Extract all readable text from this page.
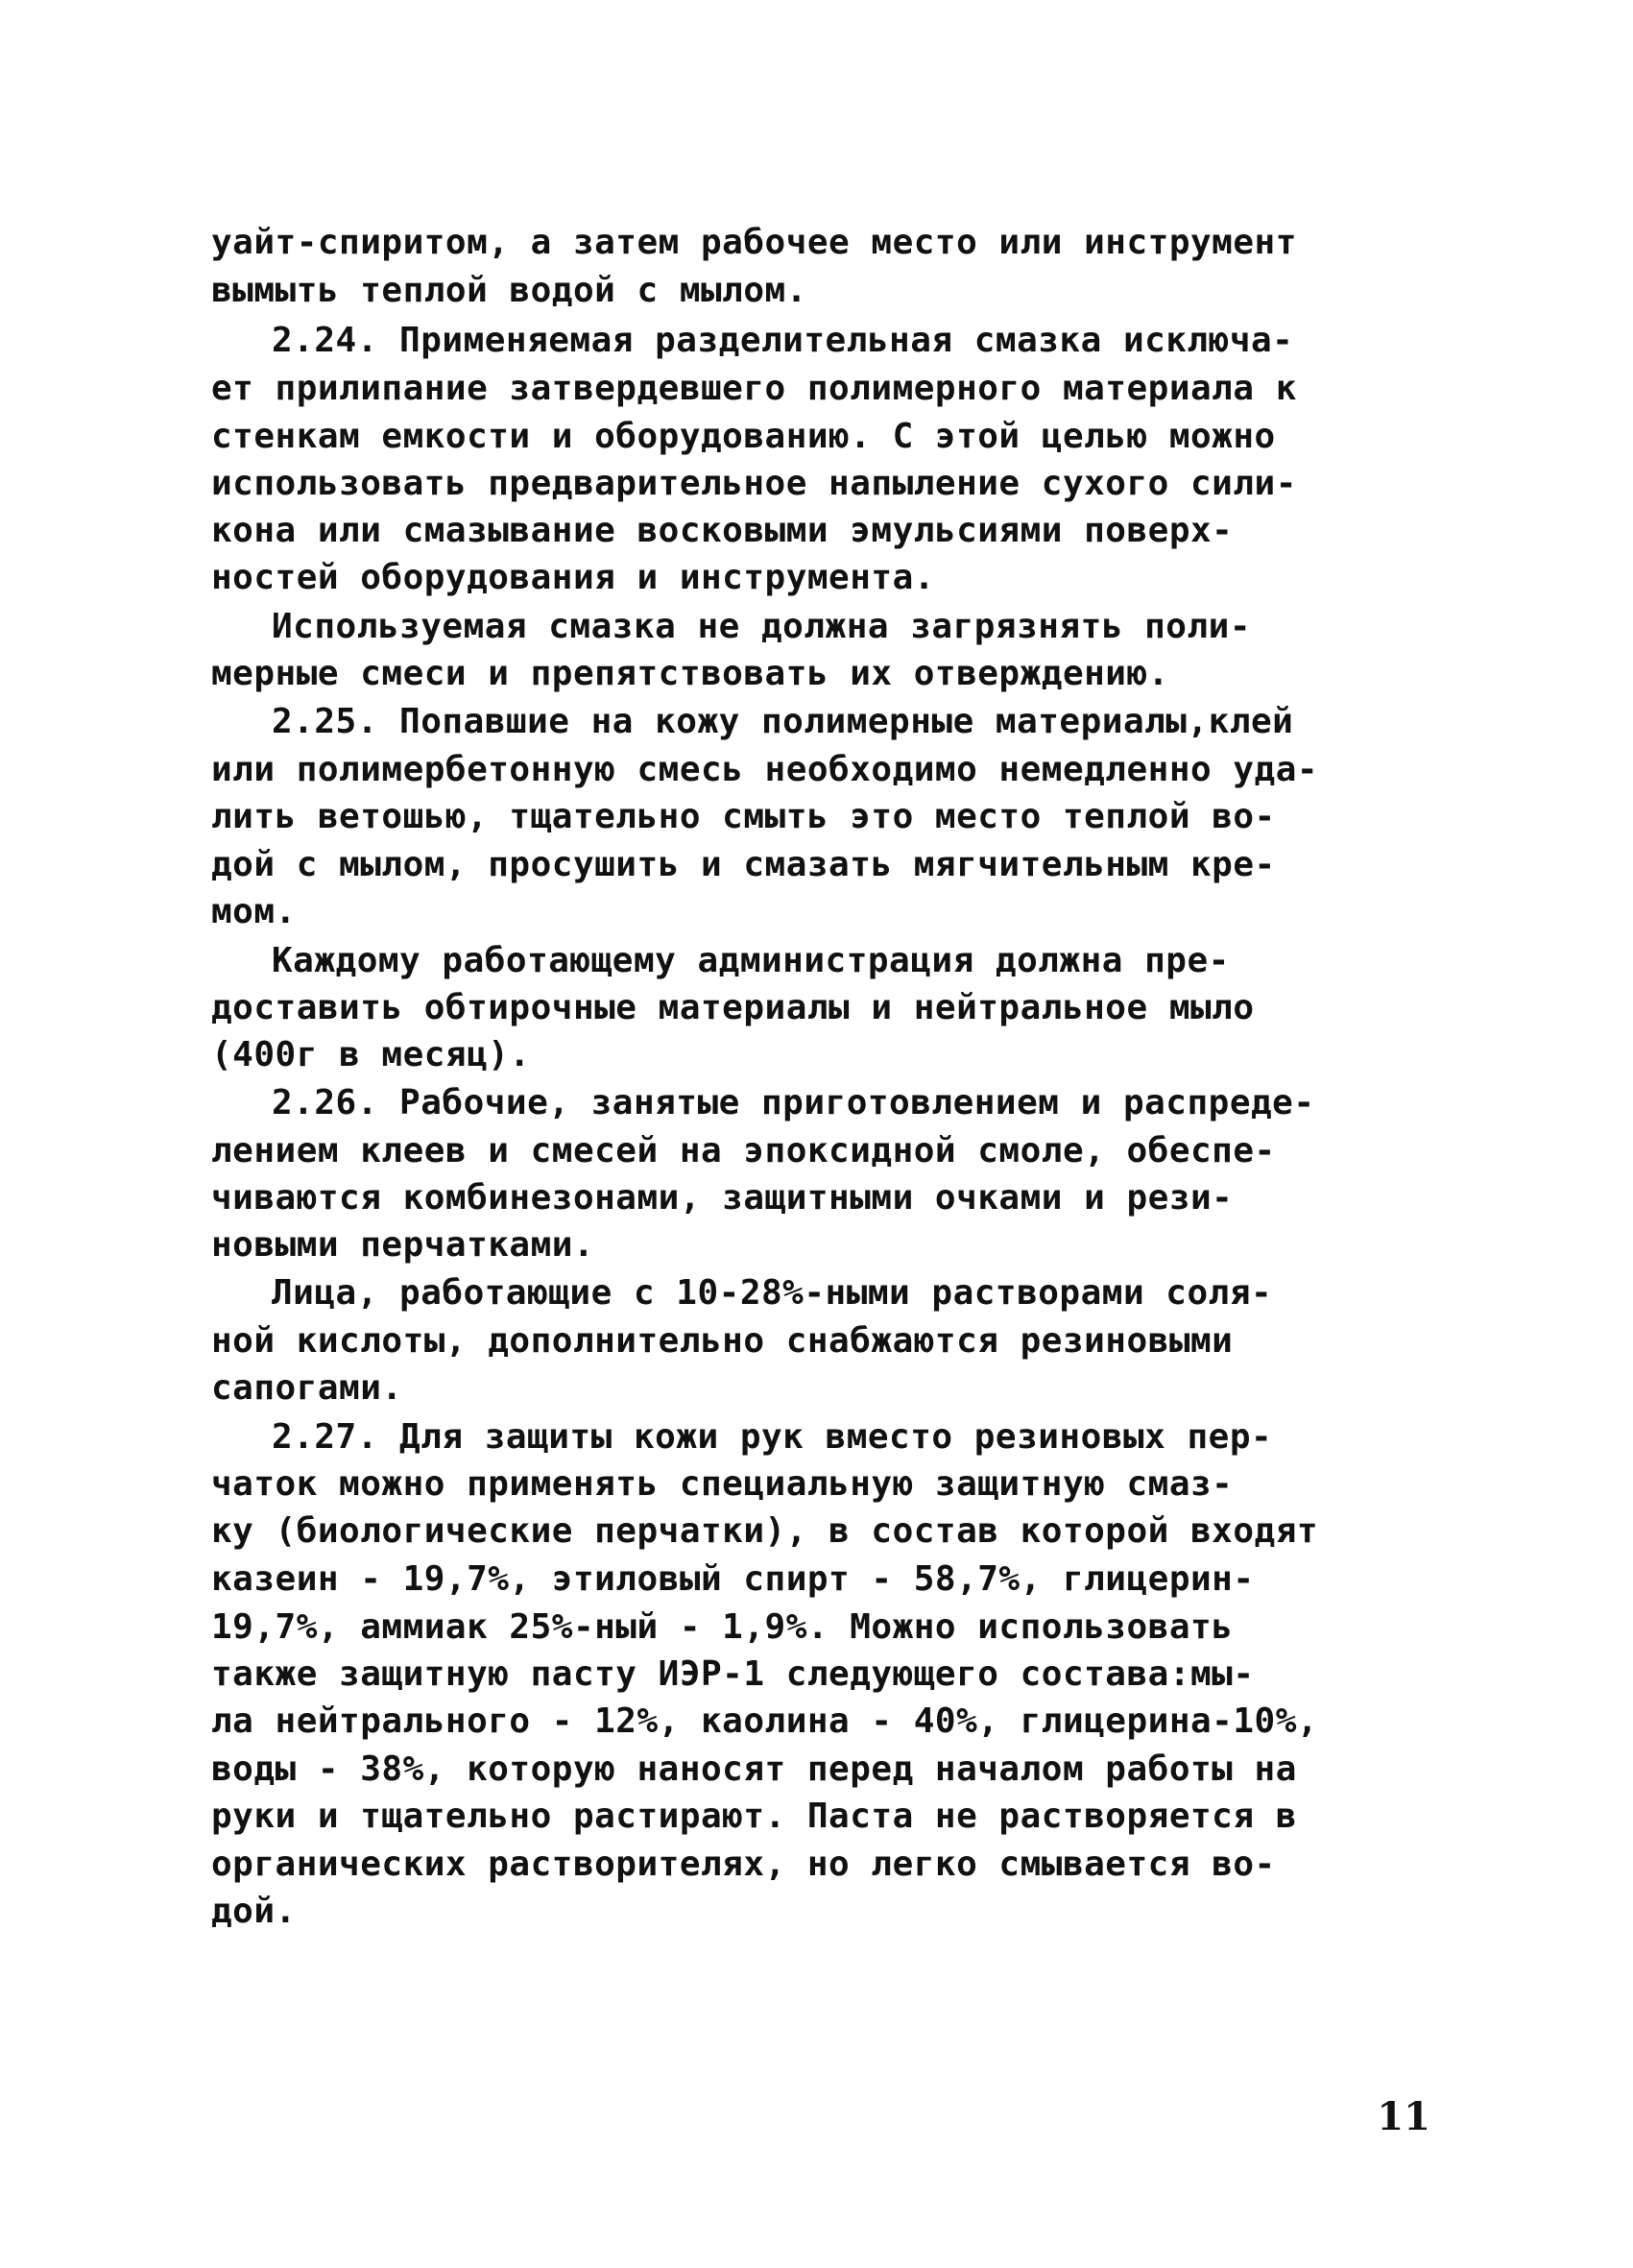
уайт-спиритом, а затем рабочее место или инструмент
вымыть теплой водой с мылом.
2.24. Применяемая разделительная смазка исключа-
ет прилипание затвердевшего полимерного материала к
стенкам емкости и оборудованию. С этой целью можно
использовать предварительное напыление сухого сили-
кона или смазывание восковыми эмульсиями поверх-
ностей оборудования и инструмента.
Используемая смазка не должна загрязнять поли-
мерные смеси и препятствовать их отверждению.
2.25. Попавшие на кожу полимерные материалы,клей
или полимербетонную смесь необходимо немедленно уда-
лить ветошью, тщательно смыть это место теплой во-
дой с мылом, просушить и смазать мягчительным кре-
мом.
Каждому работающему администрация должна пре-
доставить обтирочные материалы и нейтральное мыло
(400г в месяц).
2.26. Рабочие, занятые приготовлением и распреде-
лением клеев и смесей на эпоксидной смоле, обеспе-
чиваются комбинезонами, защитными очками и рези-
новыми перчатками.
Лица, работающие с 10-28%-ными растворами соля-
ной кислоты, дополнительно снабжаются резиновыми
сапогами.
2.27. Для защиты кожи рук вместо резиновых пер-
чаток можно применять специальную защитную смаз-
ку (биологические перчатки), в состав которой входят
казеин - 19,7%, этиловый спирт - 58,7%, глицерин-
19,7%, аммиак 25%-ный - 1,9%. Можно использовать
также защитную пасту ИЭР-1 следующего состава:мы-
ла нейтрального - 12%, каолина - 40%, глицерина-10%,
воды - 38%, которую наносят перед началом работы на
руки и тщательно растирают. Паста не растворяется в
органических растворителях, но легко смывается во-
дой.
11
